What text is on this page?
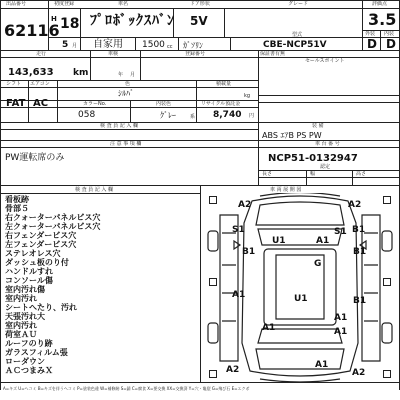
出品番号	初度登録	車名	ドア形状	グレード	評価点
62116
H 18 ﾌﾟﾛﾎﾞｯｸｽﾊﾞﾝ 5V	3.5
外装 内装
D D
5 月 自家用 1500 cc ｶﾞｿﾘﾝ
型式
CBE-NCP51V
走行	車検	登録番号	保証書有無
セールスポイント
143,633 km	年 月
シフト エアコン	色	積載量
ｼﾙﾊﾞ	kg
FAT AC	カラーNo.	内装色	リサイクル預託金
058	ｸﾞﾚｰ	系 8,740 円
検 査 員 記 入 欄	装 備
ABS ｴｱB PS PW
注 意 事 項 欄	車 台 番 号
PW運転席のみ	NCP51-0132947
長さ	幅	高さ
認定
検 査 員 記 入 欄
看板跡
骨部５
右クォーターパネルビス穴
左クォーターパネルビス穴
右フェンダービス穴
左フェンダービス穴
ステレオレス穴
ダッシュ板のり付
ハンドルすれ
コンソール傷
室内汚れ傷
室内汚れ
シートへたり、汚れ
天張汚れ大
室内汚れ
荷室ＡＵ
ルーフのり跡
ガラスフィルム張
ローダウン
ＡＣつまみＸ
車 両 展 開 図
A2	A2
S1	B1
U1	A1
S1
B1
G
B1
A1
B1
U1
A1
A1	A1
A2	A1
A2
A=キズ U=ヘコミ B=キズを伴うヘコミ P=塗装色違 W=補修跡 S=錆 C=腐食 X=要交換 XX=交換済 Y=穴・亀裂 G=飛び石 E=エクボ
